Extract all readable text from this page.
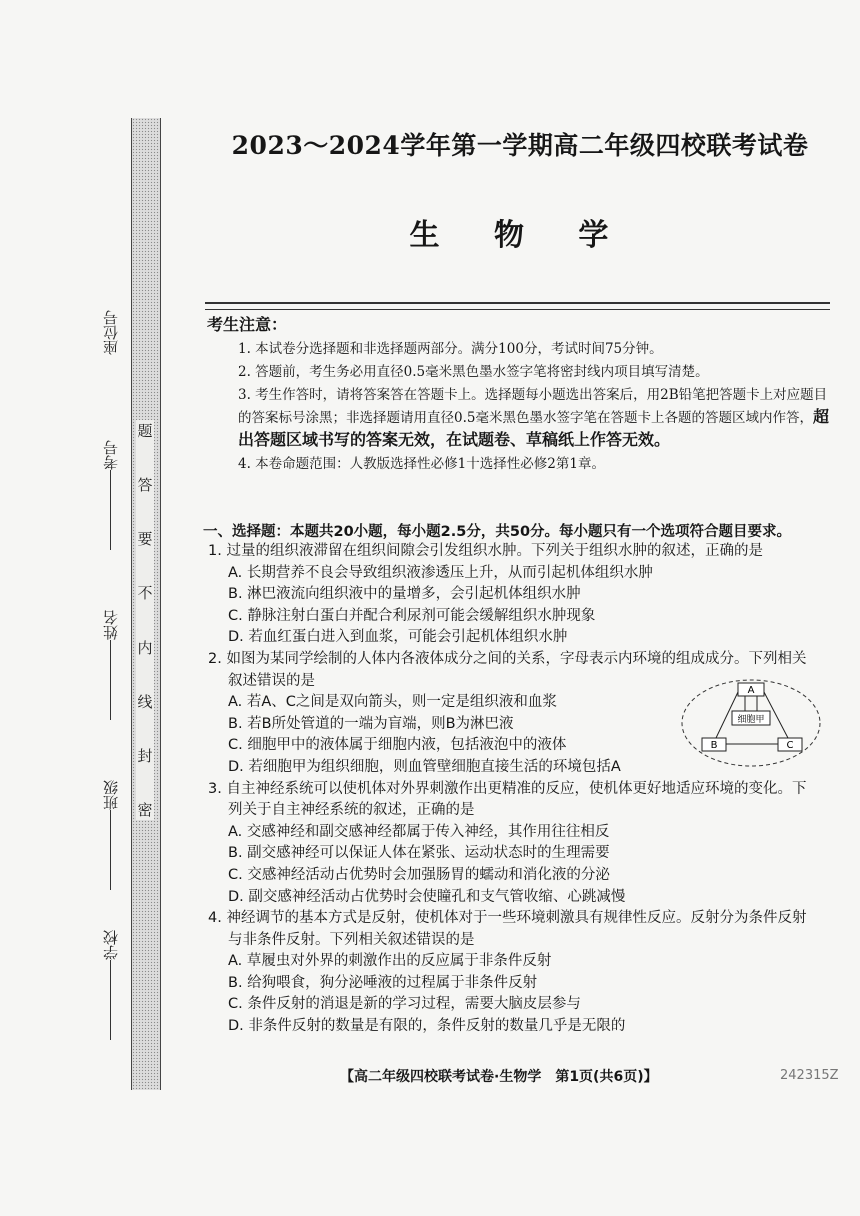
题
答
要
不
内
线
封
密
座位号
考号
姓名
班级
学校
2023～2024学年第一学期高二年级四校联考试卷
生 物 学
考生注意：

1. 本试卷分选择题和非选择题两部分。满分100分，考试时间75分钟。

2. 答题前，考生务必用直径0.5毫米黑色墨水签字笔将密封线内项目填写清楚。

3. 考生作答时，请将答案答在答题卡上。选择题每小题选出答案后，用2B铅笔把答题卡上对应题目的答案标号涂黑；非选择题请用直径0.5毫米黑色墨水签字笔在答题卡上各题的答题区域内作答，超出答题区域书写的答案无效，在试题卷、草稿纸上作答无效。

4. 本卷命题范围：人教版选择性必修1十选择性必修2第1章。

一、选择题：本题共20小题，每小题2.5分，共50分。每小题只有一个选项符合题目要求。

1. 过量的组织液滞留在组织间隙会引发组织水肿。下列关于组织水肿的叙述，正确的是

A. 长期营养不良会导致组织液渗透压上升，从而引起机体组织水肿

B. 淋巴液流向组织液中的量增多，会引起机体组织水肿

C. 静脉注射白蛋白并配合利尿剂可能会缓解组织水肿现象

D. 若血红蛋白进入到血浆，可能会引起机体组织水肿

2. 如图为某同学绘制的人体内各液体成分之间的关系，字母表示内环境的组成成分。下列相关

叙述错误的是

A. 若A、C之间是双向箭头，则一定是组织液和血浆

B. 若B所处管道的一端为盲端，则B为淋巴液

C. 细胞甲中的液体属于细胞内液，包括液泡中的液体

D. 若细胞甲为组织细胞，则血管壁细胞直接生活的环境包括A

3. 自主神经系统可以使机体对外界刺激作出更精准的反应，使机体更好地适应环境的变化。下

列关于自主神经系统的叙述，正确的是

A. 交感神经和副交感神经都属于传入神经，其作用往往相反

B. 副交感神经可以保证人体在紧张、运动状态时的生理需要

C. 交感神经活动占优势时会加强肠胃的蠕动和消化液的分泌

D. 副交感神经活动占优势时会使瞳孔和支气管收缩、心跳减慢

4. 神经调节的基本方式是反射，使机体对于一些环境刺激具有规律性反应。反射分为条件反射

与非条件反射。下列相关叙述错误的是

A. 草履虫对外界的刺激作出的反应属于非条件反射

B. 给狗喂食，狗分泌唾液的过程属于非条件反射

C. 条件反射的消退是新的学习过程，需要大脑皮层参与

D. 非条件反射的数量是有限的，条件反射的数量几乎是无限的

A
B	C
细胞甲
【高二年级四校联考试卷·生物学　第1页(共6页)】	242315Z
